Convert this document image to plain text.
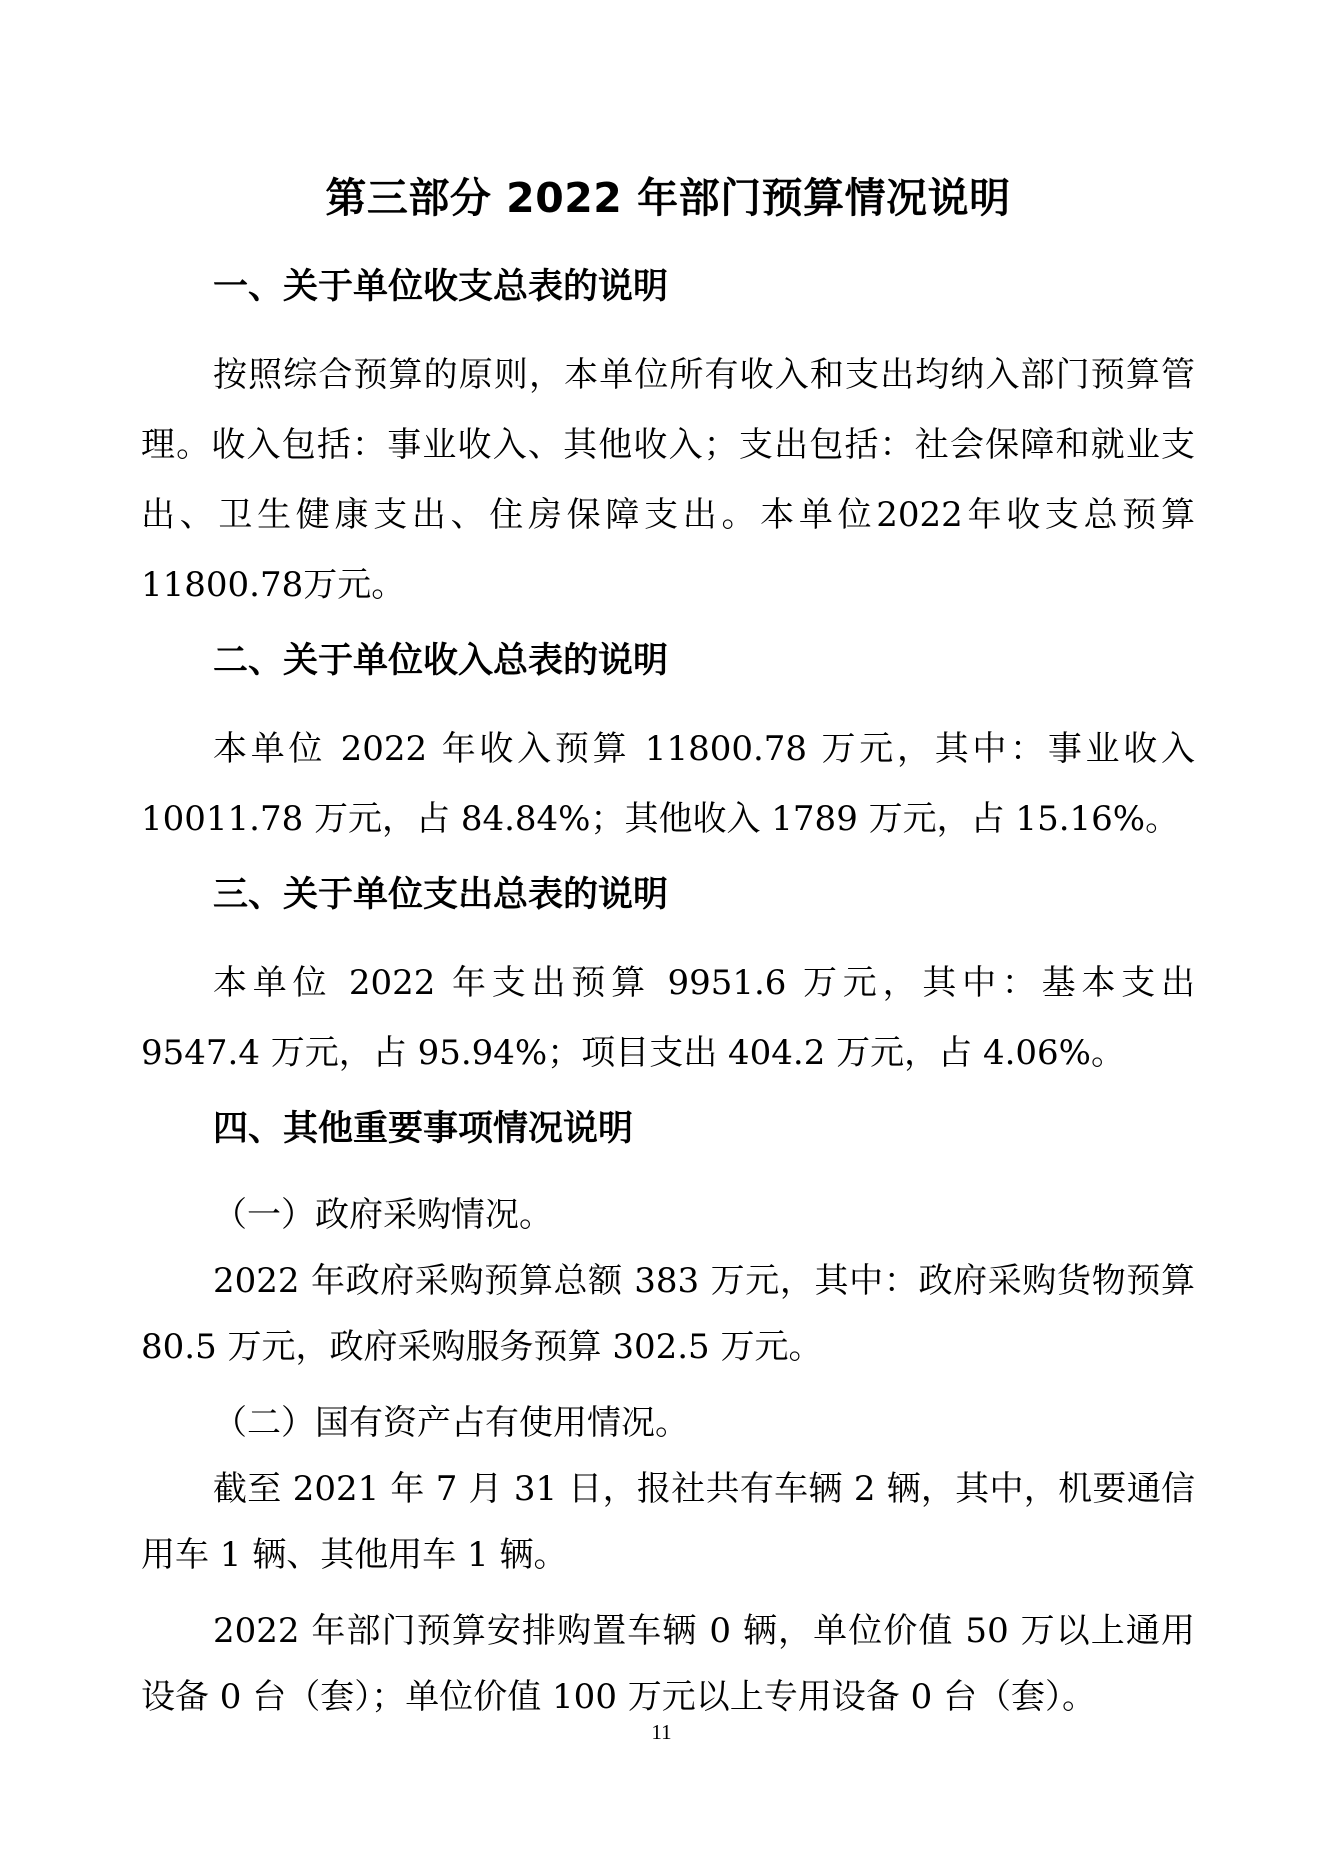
第三部分 2022 年部门预算情况说明
一、关于单位收支总表的说明

按照综合预算的原则，本单位所有收入和支出均纳入部门预算管理。收入包括：事业收入、其他收入；支出包括：社会保障和就业支出、卫生健康支出、住房保障支出。本单位2022年收支总预算11800.78万元。

二、关于单位收入总表的说明

本单位 2022 年收入预算 11800.78 万元，其中：事业收入 10011.78 万元，占 84.84%；其他收入 1789 万元，占 15.16%。

三、关于单位支出总表的说明

本单位 2022 年支出预算 9951.6 万元，其中：基本支出 9547.4 万元，占 95.94%；项目支出 404.2 万元，占 4.06%。

四、其他重要事项情况说明

（一）政府采购情况。

2022 年政府采购预算总额 383 万元，其中：政府采购货物预算 80.5 万元，政府采购服务预算 302.5 万元。

（二）国有资产占有使用情况。

截至 2021 年 7 月 31 日，报社共有车辆 2 辆，其中，机要通信用车 1 辆、其他用车 1 辆。

2022 年部门预算安排购置车辆 0 辆，单位价值 50 万以上通用设备 0 台（套）；单位价值 100 万元以上专用设备 0 台（套）。

11
